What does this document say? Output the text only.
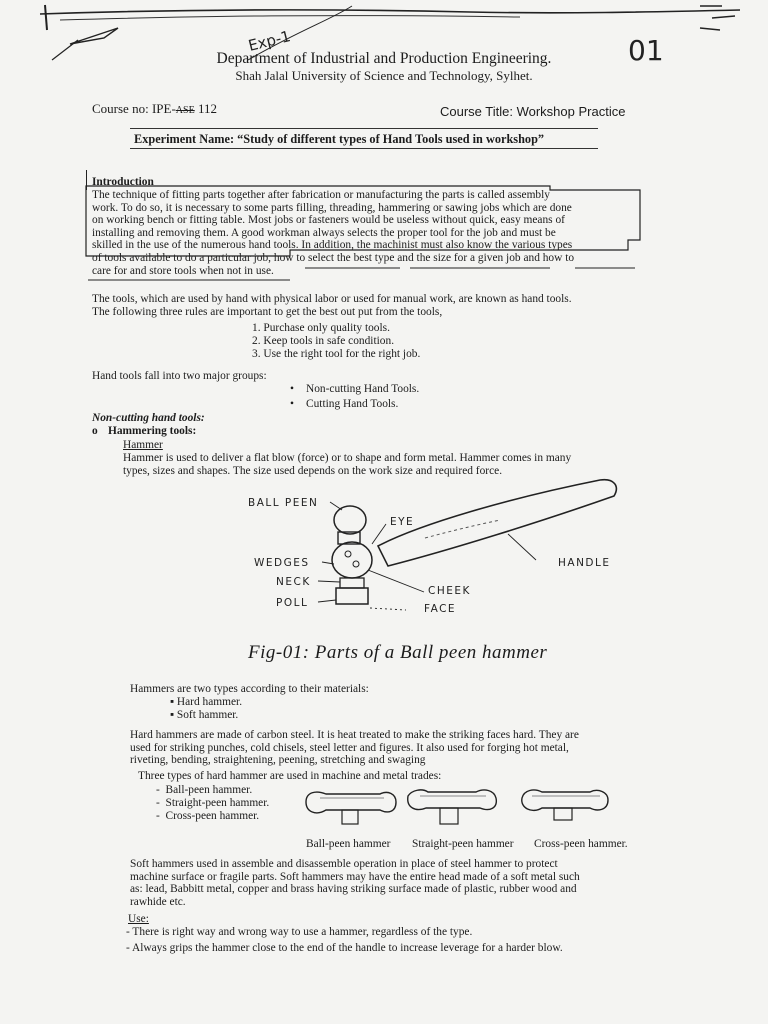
Exp-1	01
Department of Industrial and Production Engineering.
Shah Jalal University of Science and Technology, Sylhet.
Course no: IPE-ASE 112	Course Title: Workshop Practice
Experiment Name: “Study of different types of Hand Tools used in workshop”
Introduction
The technique of fitting parts together after fabrication or manufacturing the parts is called assembly
work. To do so, it is necessary to some parts filling, threading, hammering or sawing jobs which are done
on working bench or fitting table. Most jobs or fasteners would be useless without quick, easy means of
installing and removing them. A good workman always selects the proper tool for the job and must be
skilled in the use of the numerous hand tools. In addition, the machinist must also know the various types
of tools available to do a particular job, how to select the best type and the size for a given job and how to
care for and store tools when not in use.
The tools, which are used by hand with physical labor or used for manual work, are known as hand tools.
The following three rules are important to get the best out put from the tools,
1. Purchase only quality tools.
2. Keep tools in safe condition.
3. Use the right tool for the right job.
Hand tools fall into two major groups:
• Non-cutting Hand Tools.
• Cutting Hand Tools.
Non-cutting hand tools:
o Hammering tools:
Hammer
Hammer is used to deliver a flat blow (force) or to shape and form metal. Hammer comes in many
types, sizes and shapes. The size used depends on the work size and required force.
BALL PEEN
EYE
WEDGES
NECK
POLL
HANDLE
CHEEK
FACE
Fig-01: Parts of a Ball peen hammer
Hammers are two types according to their materials:
▪ Hard hammer.
▪ Soft hammer.
Hard hammers are made of carbon steel. It is heat treated to make the striking faces hard. They are
used for striking punches, cold chisels, steel letter and figures. It also used for forging hot metal,
riveting, bending, straightening, peening, stretching and swaging
Three types of hard hammer are used in machine and metal trades:
-  Ball-peen hammer.
-  Straight-peen hammer.
-  Cross-peen hammer.
Ball-peen hammer Straight-peen hammer Cross-peen hammer.
Soft hammers used in assemble and disassemble operation in place of steel hammer to protect
machine surface or fragile parts. Soft hammers may have the entire head made of a soft metal such
as: lead, Babbitt metal, copper and brass having striking surface made of plastic, rubber wood and
rawhide etc.
Use:
- There is right way and wrong way to use a hammer, regardless of the type.
- Always grips the hammer close to the end of the handle to increase leverage for a harder blow.
